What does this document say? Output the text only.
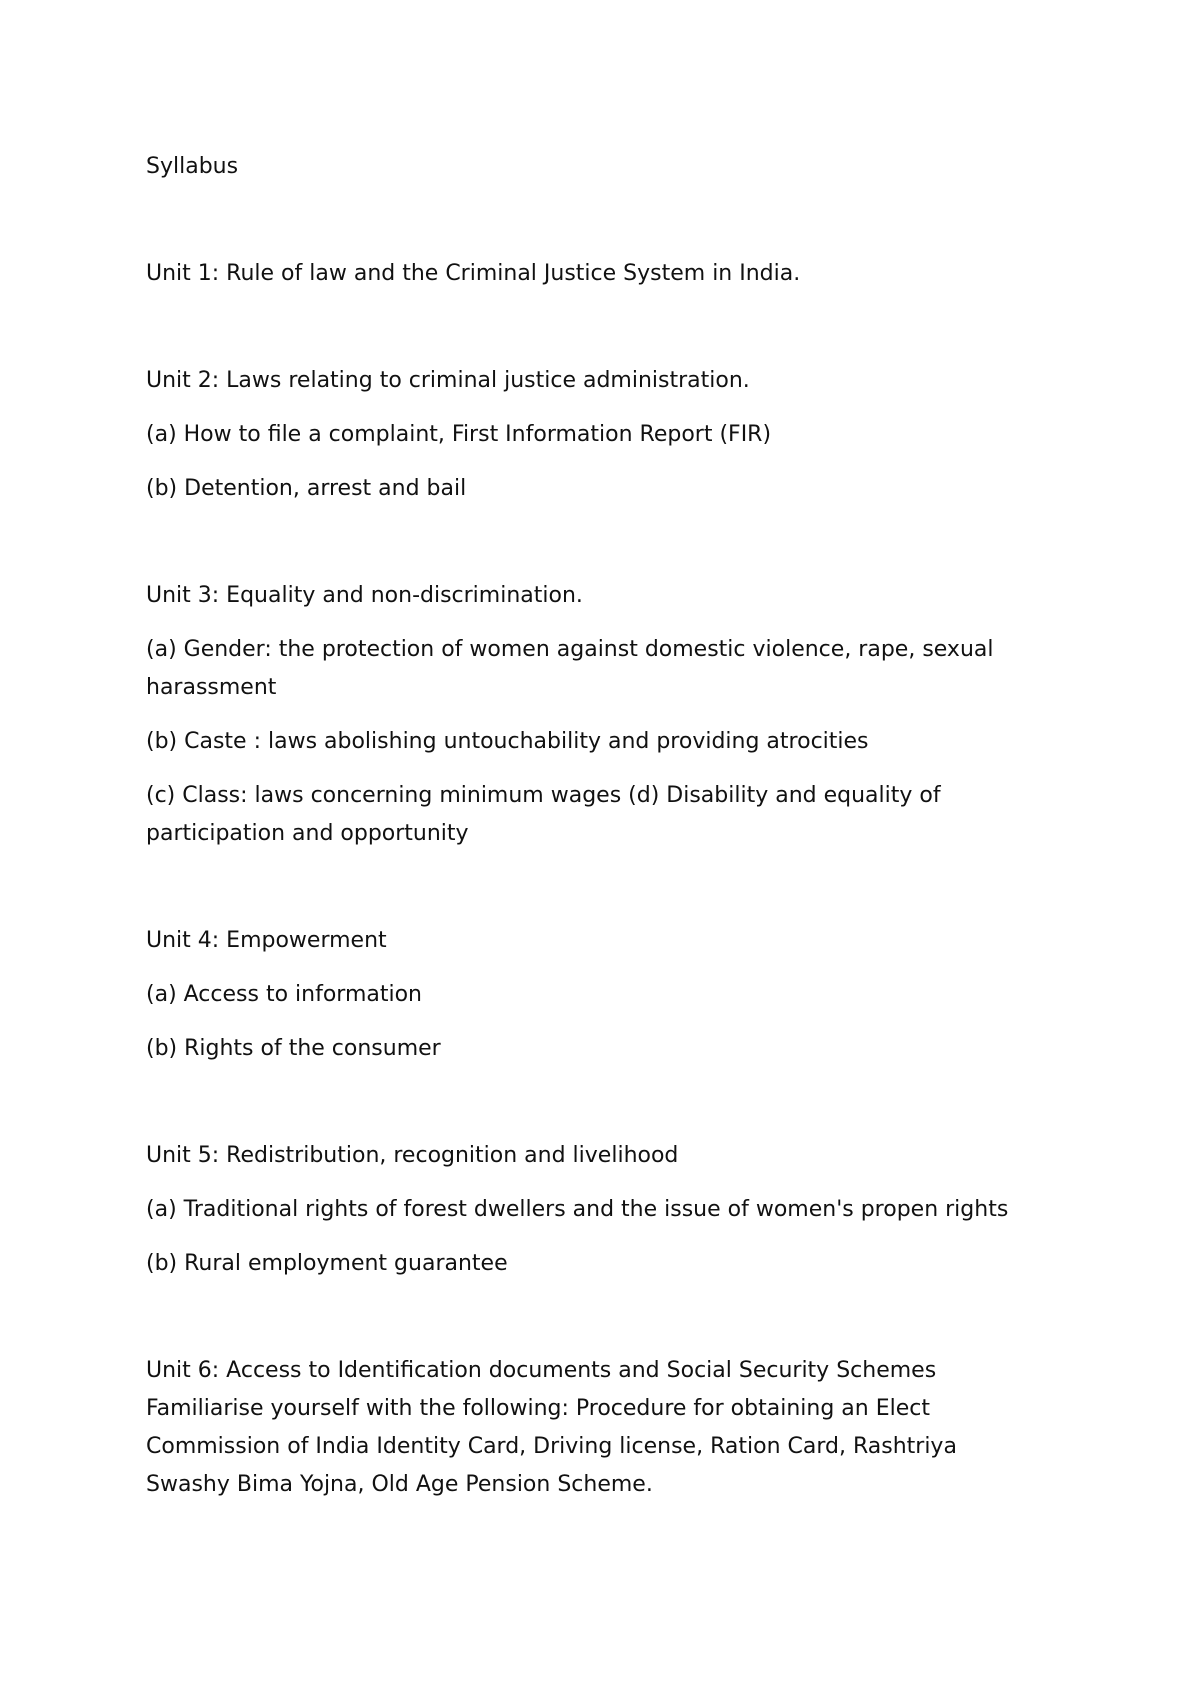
Syllabus

Unit 1: Rule of law and the Criminal Justice System in India.

Unit 2: Laws relating to criminal justice administration.

(a) How to file a complaint, First Information Report (FIR)

(b) Detention, arrest and bail

Unit 3: Equality and non-discrimination.

(a) Gender: the protection of women against domestic violence, rape, sexual

harassment

(b) Caste : laws abolishing untouchability and providing atrocities

(c) Class: laws concerning minimum wages (d) Disability and equality of

participation and opportunity

Unit 4: Empowerment

(a) Access to information

(b) Rights of the consumer

Unit 5: Redistribution, recognition and livelihood

(a) Traditional rights of forest dwellers and the issue of women's propen rights

(b) Rural employment guarantee

Unit 6: Access to Identification documents and Social Security Schemes

Familiarise yourself with the following: Procedure for obtaining an Elect

Commission of India Identity Card, Driving license, Ration Card, Rashtriya

Swashy Bima Yojna, Old Age Pension Scheme.
